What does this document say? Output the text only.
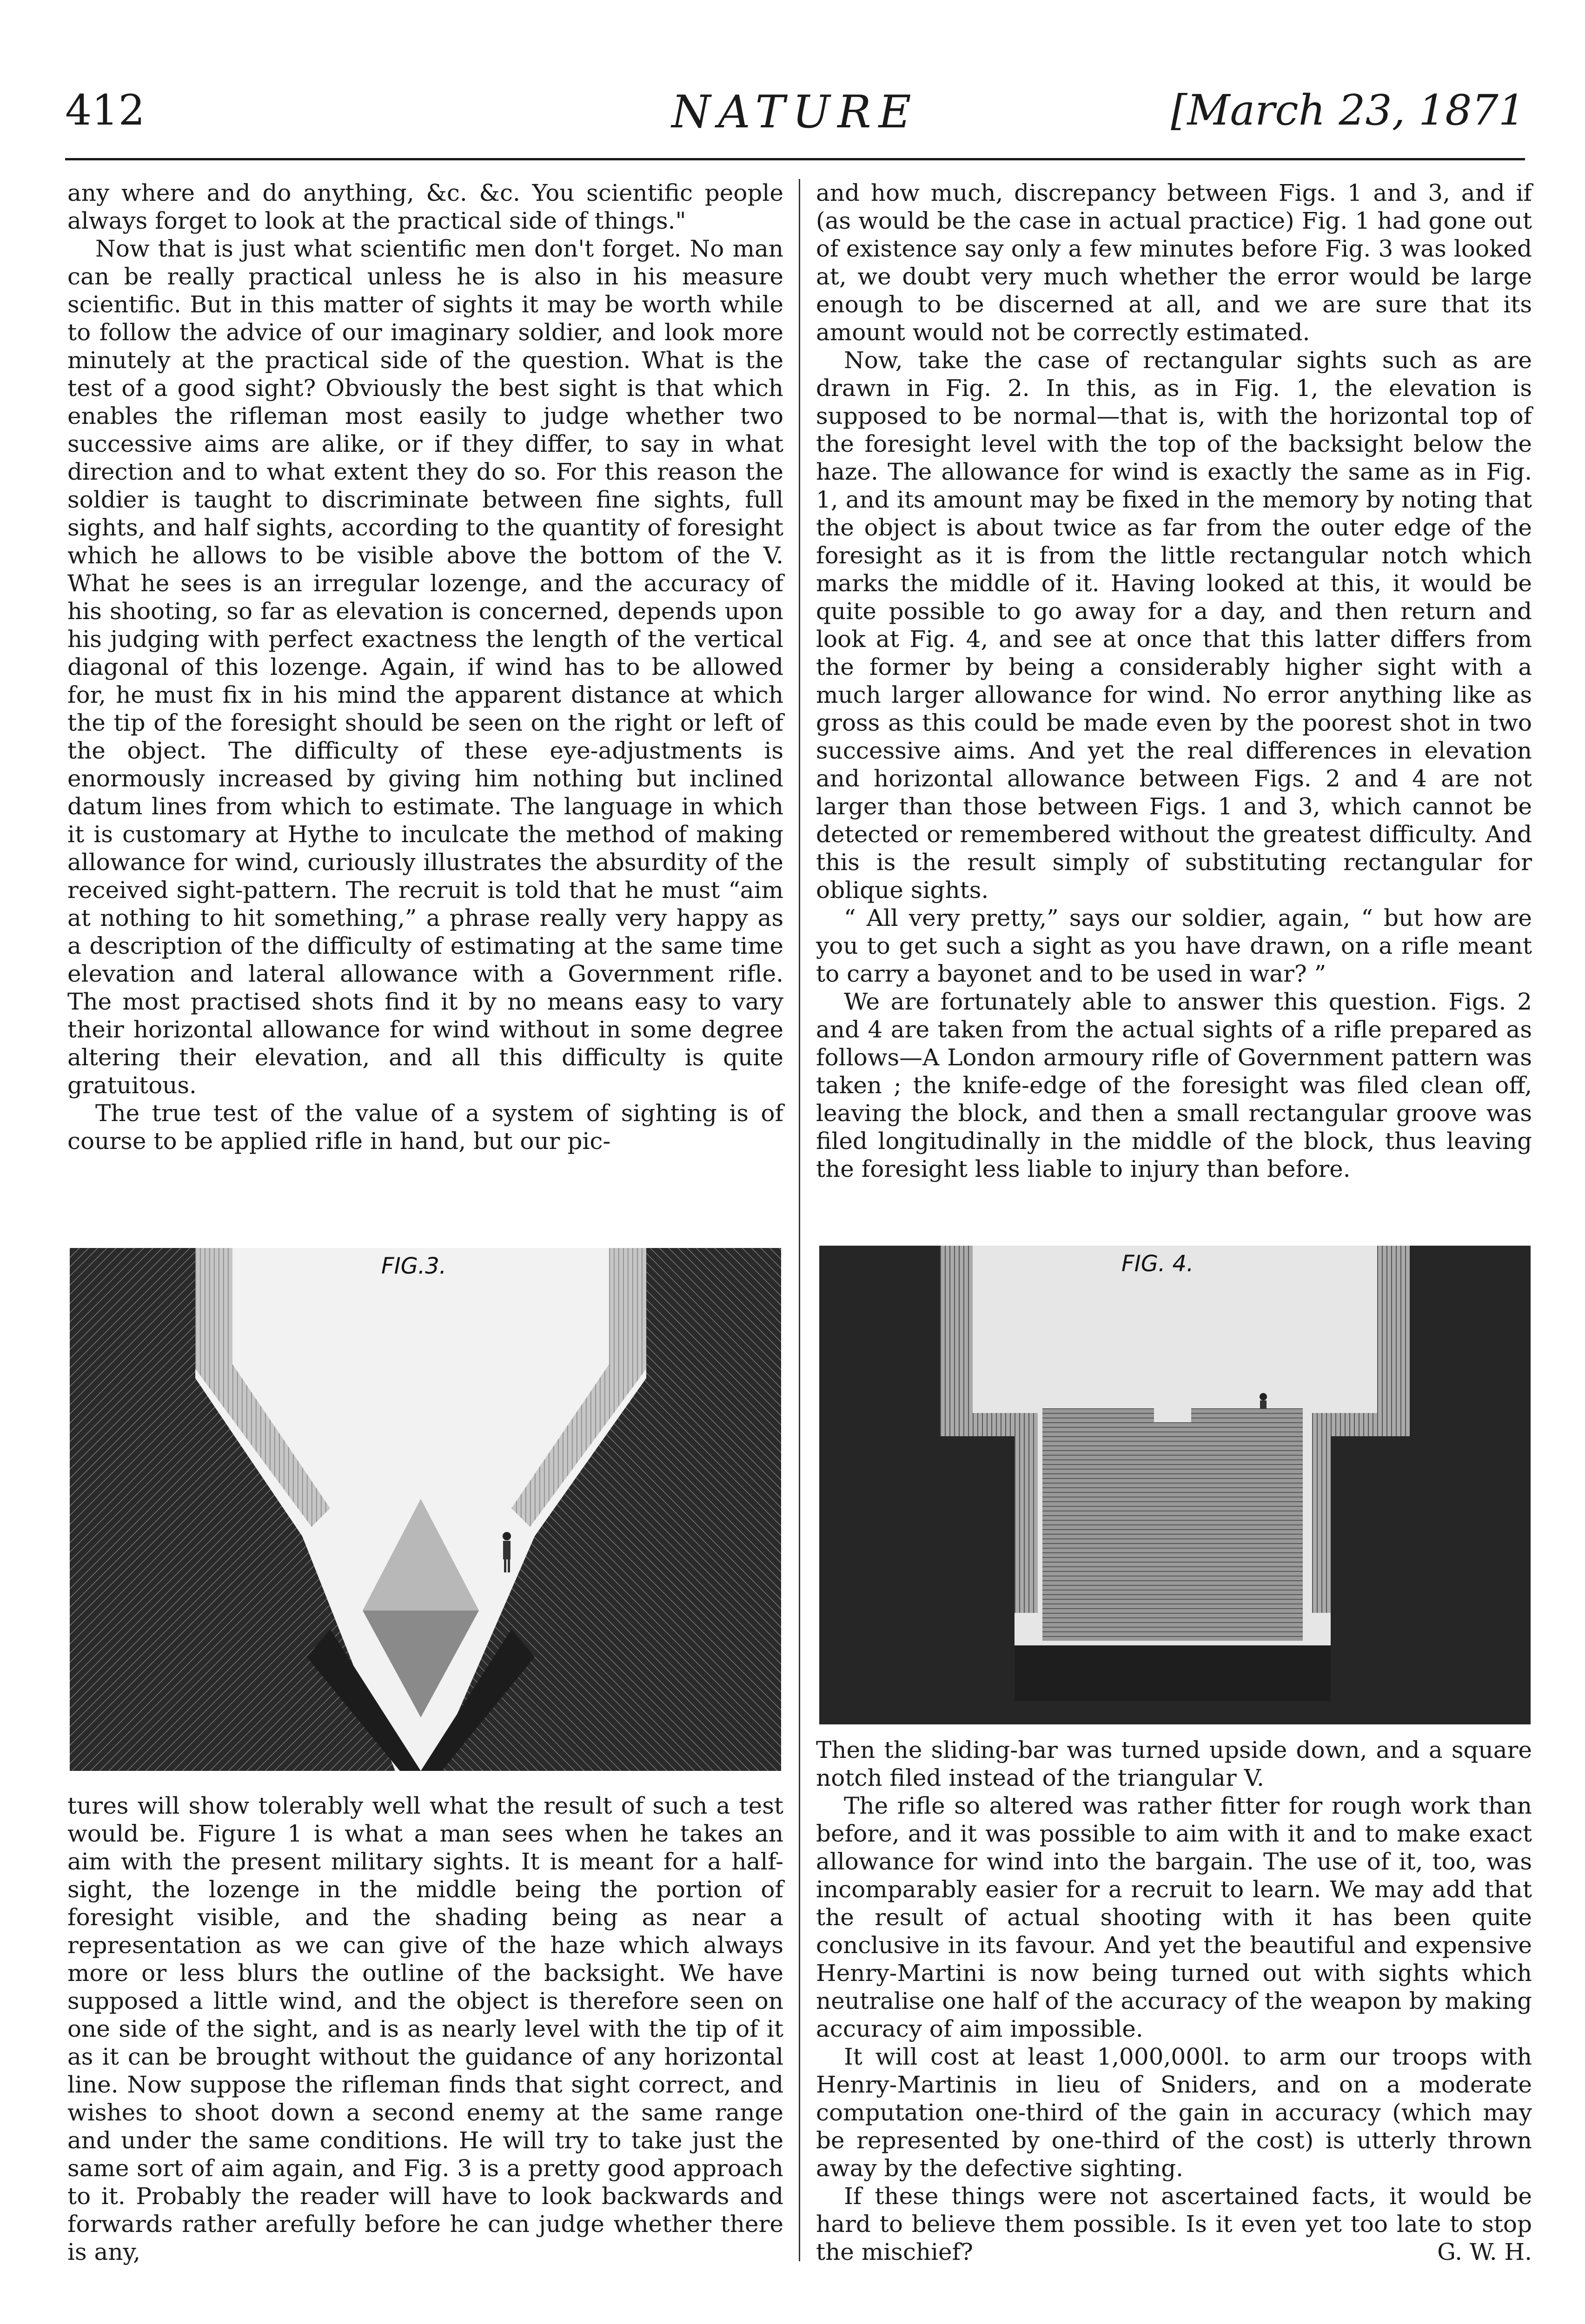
412	NATURE	[March 23, 1871

any where and do anything, &c. &c. You scientific people always forget to look at the practical side of things."

Now that is just what scientific men don't forget. No man can be really practical unless he is also in his measure scientific. But in this matter of sights it may be worth while to follow the advice of our imaginary soldier, and look more minutely at the practical side of the question. What is the test of a good sight? Obviously the best sight is that which enables the rifleman most easily to judge whether two successive aims are alike, or if they differ, to say in what direction and to what extent they do so. For this reason the soldier is taught to discriminate between fine sights, full sights, and half sights, according to the quantity of foresight which he allows to be visible above the bottom of the V. What he sees is an irregular lozenge, and the accuracy of his shooting, so far as elevation is concerned, depends upon his judging with perfect exactness the length of the vertical diagonal of this lozenge. Again, if wind has to be allowed for, he must fix in his mind the apparent distance at which the tip of the foresight should be seen on the right or left of the object. The difficulty of these eye-adjustments is enormously increased by giving him nothing but inclined datum lines from which to estimate. The language in which it is customary at Hythe to inculcate the method of making allowance for wind, curiously illustrates the absurdity of the received sight-pattern. The recruit is told that he must “aim at nothing to hit something,” a phrase really very happy as a description of the difficulty of estimating at the same time elevation and lateral allowance with a Government rifle. The most practised shots find it by no means easy to vary their horizontal allowance for wind without in some degree altering their elevation, and all this difficulty is quite gratuitous.

The true test of the value of a system of sighting is of course to be applied rifle in hand, but our pic-

FIG.3.

tures will show tolerably well what the result of such a test would be. Figure 1 is what a man sees when he takes an aim with the present military sights. It is meant for a half-sight, the lozenge in the middle being the portion of foresight visible, and the shading being as near a representation as we can give of the haze which always more or less blurs the outline of the backsight. We have supposed a little wind, and the object is therefore seen on one side of the sight, and is as nearly level with the tip of it as it can be brought without the guidance of any horizontal line. Now suppose the rifleman finds that sight correct, and wishes to shoot down a second enemy at the same range and under the same conditions. He will try to take just the same sort of aim again, and Fig. 3 is a pretty good approach to it. Probably the reader will have to look backwards and forwards rather arefully before he can judge whether there is any,

and how much, discrepancy between Figs. 1 and 3, and if (as would be the case in actual practice) Fig. 1 had gone out of existence say only a few minutes before Fig. 3 was looked at, we doubt very much whether the error would be large enough to be discerned at all, and we are sure that its amount would not be correctly estimated.

Now, take the case of rectangular sights such as are drawn in Fig. 2. In this, as in Fig. 1, the elevation is supposed to be normal—that is, with the horizontal top of the foresight level with the top of the backsight below the haze. The allowance for wind is exactly the same as in Fig. 1, and its amount may be fixed in the memory by noting that the object is about twice as far from the outer edge of the foresight as it is from the little rectangular notch which marks the middle of it. Having looked at this, it would be quite possible to go away for a day, and then return and look at Fig. 4, and see at once that this latter differs from the former by being a considerably higher sight with a much larger allowance for wind. No error anything like as gross as this could be made even by the poorest shot in two successive aims. And yet the real differences in elevation and horizontal allowance between Figs. 2 and 4 are not larger than those between Figs. 1 and 3, which cannot be detected or remembered without the greatest difficulty. And this is the result simply of substituting rectangular for oblique sights.

“ All very pretty,” says our soldier, again, “ but how are you to get such a sight as you have drawn, on a rifle meant to carry a bayonet and to be used in war? ”

We are fortunately able to answer this question. Figs. 2 and 4 are taken from the actual sights of a rifle prepared as follows—A London armoury rifle of Government pattern was taken ; the knife-edge of the foresight was filed clean off, leaving the block, and then a small rectangular groove was filed longitudinally in the middle of the block, thus leaving the foresight less liable to injury than before.

FIG. 4.

Then the sliding-bar was turned upside down, and a square notch filed instead of the triangular V.

The rifle so altered was rather fitter for rough work than before, and it was possible to aim with it and to make exact allowance for wind into the bargain. The use of it, too, was incomparably easier for a recruit to learn. We may add that the result of actual shooting with it has been quite conclusive in its favour. And yet the beautiful and expensive Henry-Martini is now being turned out with sights which neutralise one half of the accuracy of the weapon by making accuracy of aim impossible.

It will cost at least 1,000,000l. to arm our troops with Henry-Martinis in lieu of Sniders, and on a moderate computation one-third of the gain in accuracy (which may be represented by one-third of the cost) is utterly thrown away by the defective sighting.

If these things were not ascertained facts, it would be hard to believe them possible. Is it even yet too late to stop the mischief?	G. W. H.
